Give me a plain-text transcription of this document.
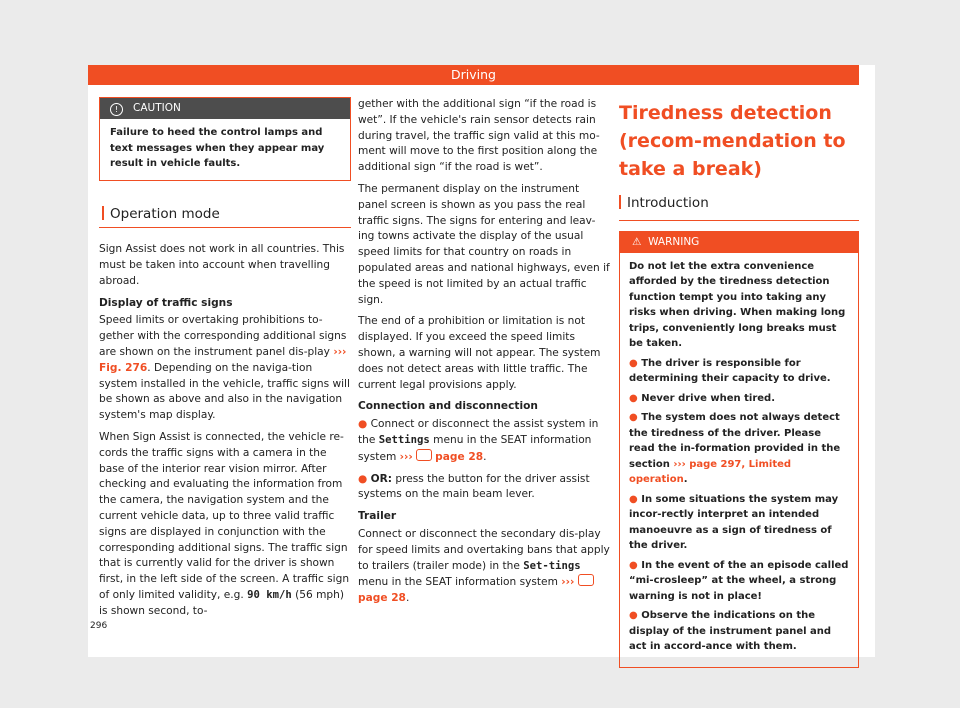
Driving
! CAUTION
Failure to heed the control lamps and text messages when they appear may result in vehicle faults.
Operation mode

Sign Assist does not work in all countries. This must be taken into account when travelling abroad.

Display of traffic signs

Speed limits or overtaking prohibitions to-gether with the corresponding additional signs are shown on the instrument panel dis-play ››› Fig. 276. Depending on the naviga-tion system installed in the vehicle, traffic signs will be shown as above and also in the navigation system's map display.

When Sign Assist is connected, the vehicle re-cords the traffic signs with a camera in the base of the interior rear vision mirror. After checking and evaluating the information from the camera, the navigation system and the current vehicle data, up to three valid traffic signs are displayed in conjunction with the corresponding additional signs. The traffic sign that is currently valid for the driver is shown first, in the left side of the screen. A traffic sign of only limited validity, e.g. 90 km/h (56 mph) is shown second, to-

gether with the additional sign “if the road is wet”. If the vehicle's rain sensor detects rain during travel, the traffic sign valid at this mo-ment will move to the first position along the additional sign “if the road is wet”.

The permanent display on the instrument panel screen is shown as you pass the real traffic signs. The signs for entering and leav-ing towns activate the display of the usual speed limits for that country on roads in populated areas and national highways, even if the speed is not limited by an actual traffic sign.

The end of a prohibition or limitation is not displayed. If you exceed the speed limits shown, a warning will not appear. The system does not detect areas with little traffic. The current legal provisions apply.

Connection and disconnection

● Connect or disconnect the assist system in the Settings menu in the SEAT information system ››› page 28.

● OR: press the button for the driver assist systems on the main beam lever.

Trailer

Connect or disconnect the secondary dis-play for speed limits and overtaking bans that apply to trailers (trailer mode) in the Set-tings menu in the SEAT information system ››› page 28.

Tiredness detection (recom-mendation to take a break)
Introduction
⚠  WARNING

Do not let the extra convenience afforded by the tiredness detection function tempt you into taking any risks when driving. When making long trips, conveniently long breaks must be taken.

● The driver is responsible for determining their capacity to drive.

● Never drive when tired.

● The system does not always detect the tiredness of the driver. Please read the in-formation provided in the section ››› page 297, Limited operation.

● In some situations the system may incor-rectly interpret an intended manoeuvre as a sign of tiredness of the driver.

● In the event of the an episode called “mi-crosleep” at the wheel, a strong warning is not in place!

● Observe the indications on the display of the instrument panel and act in accord-ance with them.

296
